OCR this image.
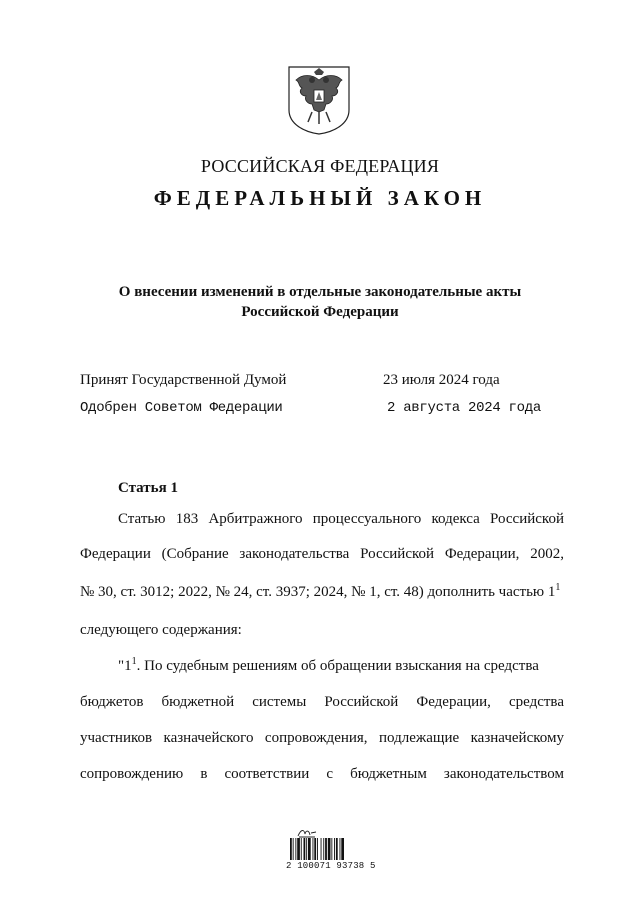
РОССИЙСКАЯ ФЕДЕРАЦИЯ
ФЕДЕРАЛЬНЫЙ ЗАКОН
О внесении изменений в отдельные законодательные акты
Российской Федерации
Принят Государственной Думой	23 июля 2024 года
Одобрен Советом Федерации	2 августа 2024 года
Статья 1
Статью 183 Арбитражного процессуального кодекса Российской
Федерации (Собрание законодательства Российской Федерации, 2002,
№ 30, ст. 3012; 2022, № 24, ст. 3937; 2024, № 1, ст. 48) дополнить частью $1^1$
следующего содержания:
"$1^1$. По судебным решениям об обращении взыскания на средства
бюджетов бюджетной системы Российской Федерации, средства
участников казначейского сопровождения, подлежащие казначейскому
сопровождению в соответствии с бюджетным законодательством
2 100071 93738 5
